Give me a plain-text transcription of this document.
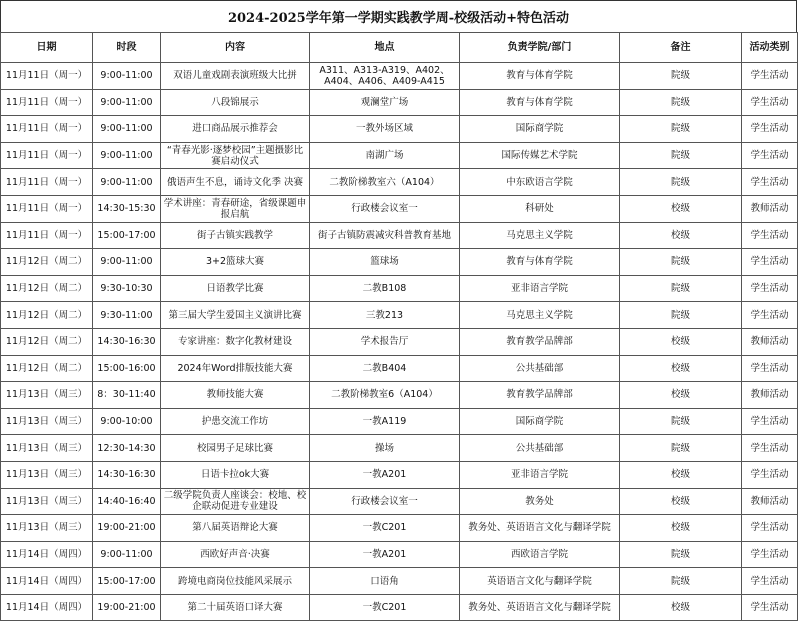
2024-2025学年第一学期实践教学周-校级活动+特色活动
日期	时段	内容	地点	负责学院/部门	备注	活动类别
11月11日（周一）	9:00-11:00	双语儿童戏剧表演班级大比拼	A311、A313-A319、A402、A404、A406、A409-A415	教育与体育学院	院级	学生活动
11月11日（周一）	9:00-11:00	八段锦展示	观澜堂广场	教育与体育学院	院级	学生活动
11月11日（周一）	9:00-11:00	进口商品展示推荐会	一教外场区域	国际商学院	院级	学生活动
11月11日（周一）	9:00-11:00	“青春光影·逐梦校园”主题摄影比赛启动仪式	南湖广场	国际传媒艺术学院	院级	学生活动
11月11日（周一）	9:00-11:00	俄语声生不息，诵诗文化季 决赛	二教阶梯教室六（A104）	中东欧语言学院	院级	学生活动
11月11日（周一）	14:30-15:30	学术讲座：青春研途，省级课题申报启航	行政楼会议室一	科研处	校级	教师活动
11月11日（周一）	15:00-17:00	街子古镇实践教学	街子古镇防震减灾科普教育基地	马克思主义学院	校级	学生活动
11月12日（周二）	9:00-11:00	3+2篮球大赛	篮球场	教育与体育学院	院级	学生活动
11月12日（周二）	9:30-10:30	日语教学比赛	二教B108	亚非语言学院	院级	学生活动
11月12日（周二）	9:30-11:00	第三届大学生爱国主义演讲比赛	三教213	马克思主义学院	院级	学生活动
11月12日（周二）	14:30-16:30	专家讲座：数字化教材建设	学术报告厅	教育教学品牌部	校级	教师活动
11月12日（周二）	15:00-16:00	2024年Word排版技能大赛	二教B404	公共基础部	校级	学生活动
11月13日（周三）	8：30-11:40	教师技能大赛	二教阶梯教室6（A104）	教育教学品牌部	校级	教师活动
11月13日（周三）	9:00-10:00	护患交流工作坊	一教A119	国际商学院	院级	学生活动
11月13日（周三）	12:30-14:30	校园男子足球比赛	操场	公共基础部	院级	学生活动
11月13日（周三）	14:30-16:30	日语卡拉ok大赛	一教A201	亚非语言学院	校级	学生活动
11月13日（周三）	14:40-16:40	二级学院负责人座谈会：校地、校企联动促进专业建设	行政楼会议室一	教务处	校级	教师活动
11月13日（周三）	19:00-21:00	第八届英语辩论大赛	一教C201	教务处、英语语言文化与翻译学院	校级	学生活动
11月14日（周四）	9:00-11:00	西欧好声音·决赛	一教A201	西欧语言学院	院级	学生活动
11月14日（周四）	15:00-17:00	跨境电商岗位技能风采展示	口语角	英语语言文化与翻译学院	院级	学生活动
11月14日（周四）	19:00-21:00	第二十届英语口译大赛	一教C201	教务处、英语语言文化与翻译学院	校级	学生活动
